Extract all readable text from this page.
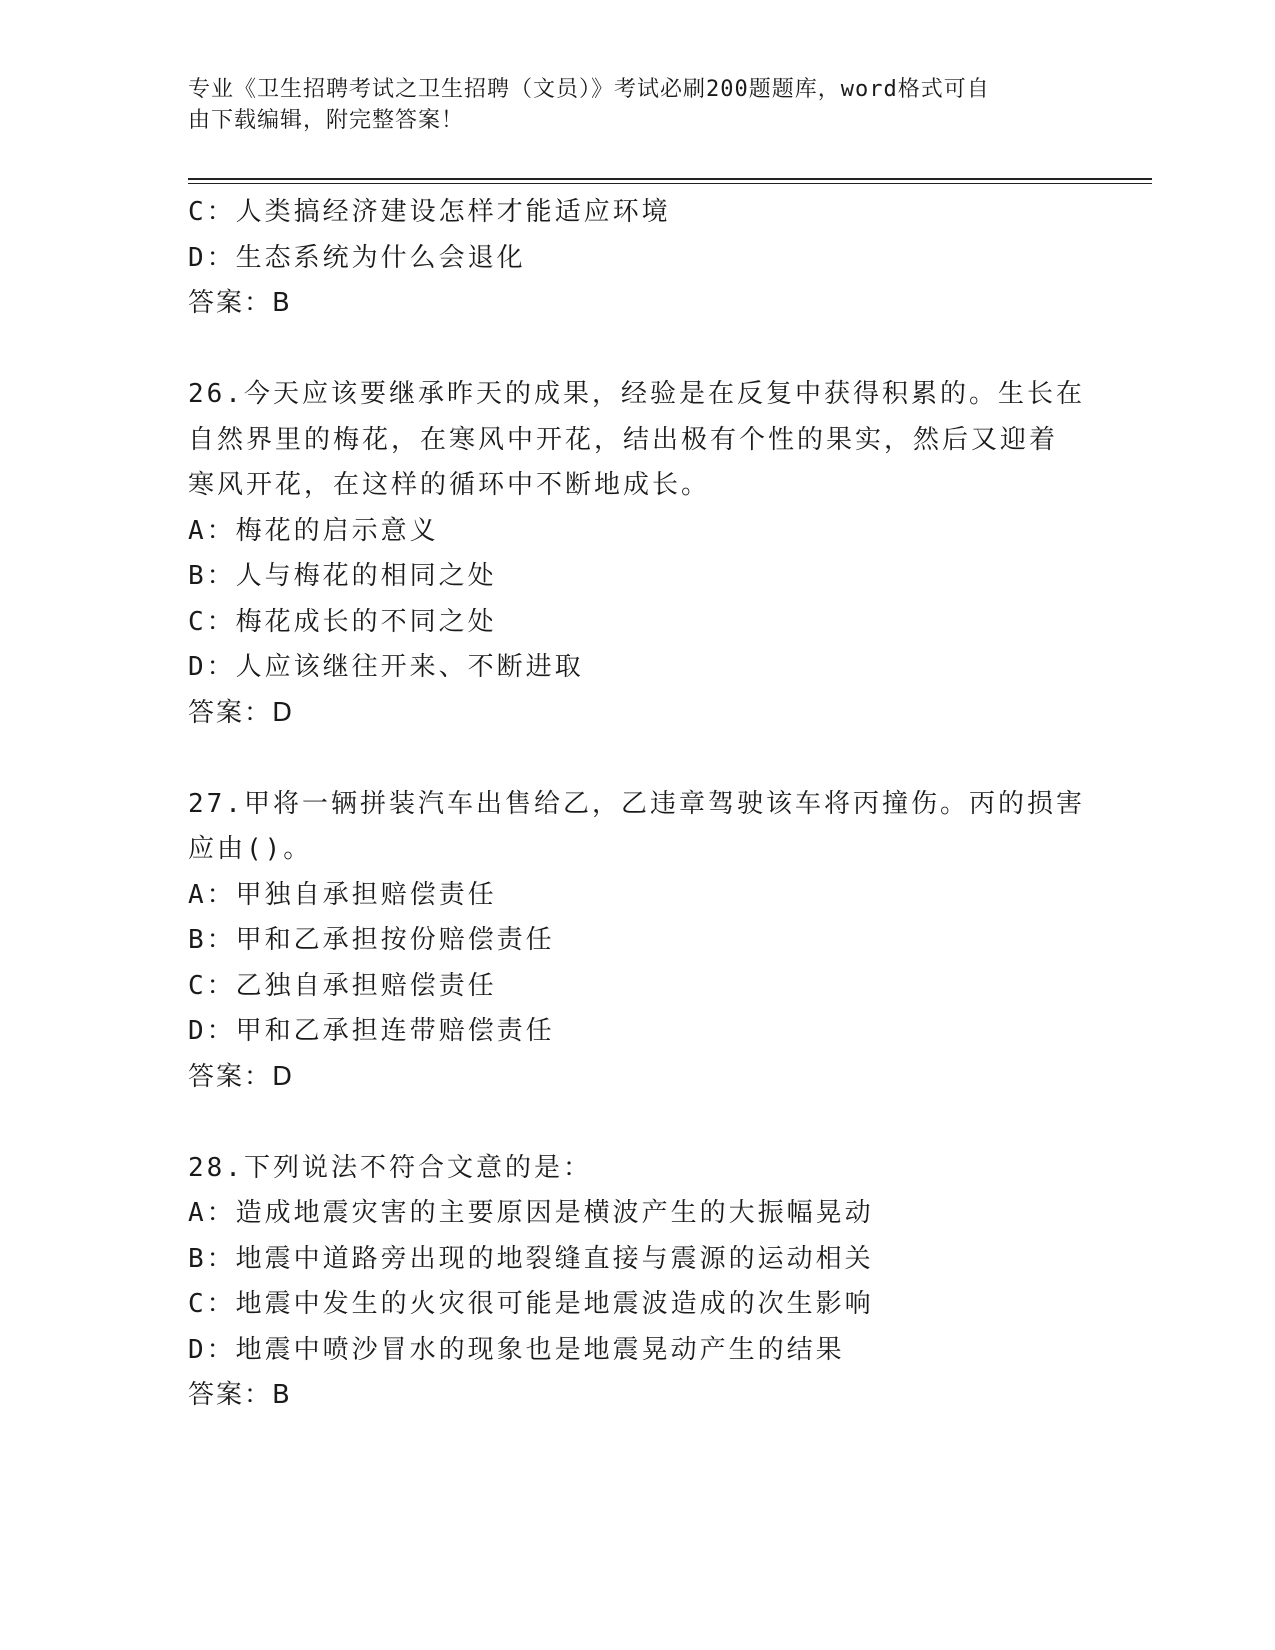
专业《卫生招聘考试之卫生招聘（文员）》考试必刷200题题库，word格式可自
由下载编辑，附完整答案！
C：人类搞经济建设怎样才能适应环境
D：生态系统为什么会退化
答案：B
26.今天应该要继承昨天的成果，经验是在反复中获得积累的。生长在
自然界里的梅花，在寒风中开花，结出极有个性的果实，然后又迎着
寒风开花，在这样的循环中不断地成长。
A：梅花的启示意义
B：人与梅花的相同之处
C：梅花成长的不同之处
D：人应该继往开来、不断进取
答案：D
27.甲将一辆拼装汽车出售给乙，乙违章驾驶该车将丙撞伤。丙的损害
应由()。
A：甲独自承担赔偿责任
B：甲和乙承担按份赔偿责任
C：乙独自承担赔偿责任
D：甲和乙承担连带赔偿责任
答案：D
28.下列说法不符合文意的是：
A：造成地震灾害的主要原因是横波产生的大振幅晃动
B：地震中道路旁出现的地裂缝直接与震源的运动相关
C：地震中发生的火灾很可能是地震波造成的次生影响
D：地震中喷沙冒水的现象也是地震晃动产生的结果
答案：B
